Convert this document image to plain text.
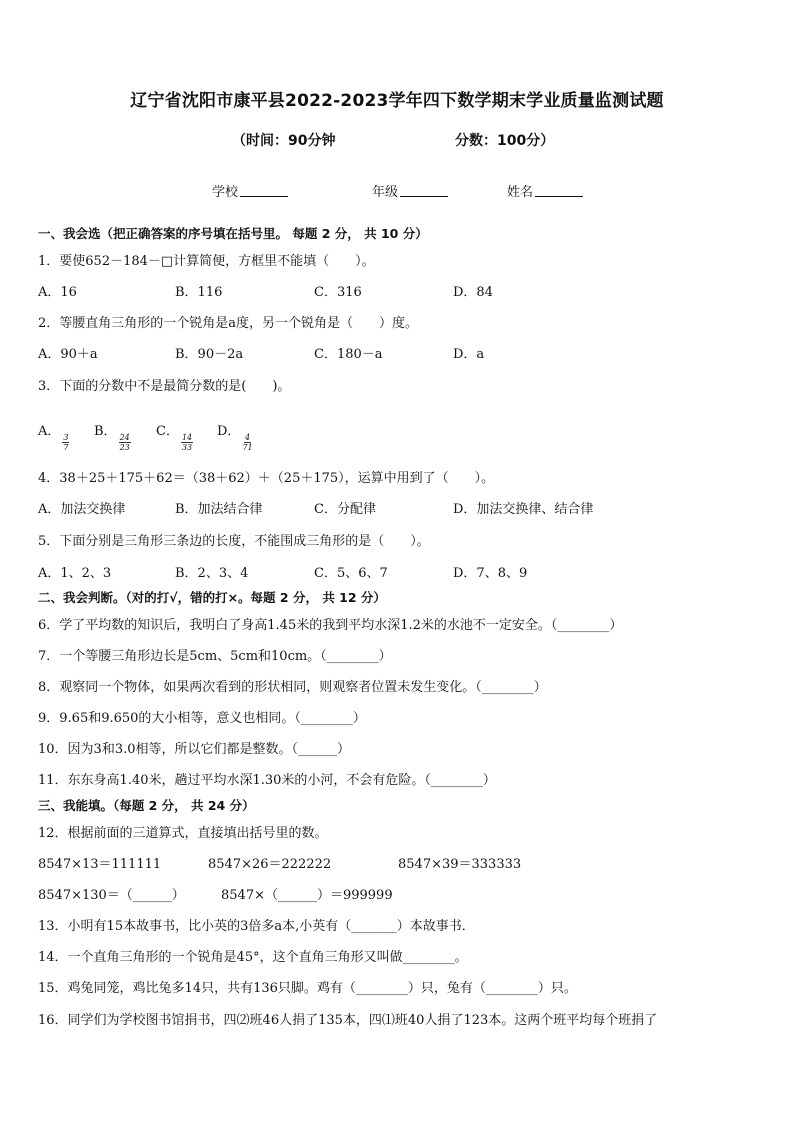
辽宁省沈阳市康平县2022-2023学年四下数学期末学业质量监测试题
（时间：90分钟	分数：100分）
学校	年级	姓名
一、我会选（把正确答案的序号填在括号里。 每题 2 分， 共 10 分）
1．要使652－184－□计算简便，方框里不能填（　　）。
A．16	B．116	C．316	D．84
2．等腰直角三角形的一个锐角是a度，另一个锐角是（　　）度。
A．90＋a	B．90－2a	C．180－a	D．a
3．下面的分数中不是最简分数的是(　　)。
A．
$\frac{3}{7}$
B．
$\frac{24}{23}$
C．
$\frac{14}{33}$
D．
$\frac{4}{71}$
4．38＋25＋175＋62＝（38＋62）＋（25＋175），运算中用到了（　　）。
A．加法交换律	B．加法结合律	C．分配律	D．加法交换律、结合律
5．下面分别是三角形三条边的长度，不能围成三角形的是（　　）。
A．1、2、3	B．2、3、4	C．5、6、7	D．7、8、9
二、我会判断。（对的打√，错的打×。每题 2 分， 共 12 分）
6．学了平均数的知识后，我明白了身高1.45米的我到平均水深1.2米的水池不一定安全。（________）
7．一个等腰三角形边长是5cm、5cm和10cm。（________）
8．观察同一个物体，如果两次看到的形状相同，则观察者位置未发生变化。（________）
9．9.65和9.650的大小相等，意义也相同。（________）
10．因为3和3.0相等，所以它们都是整数。（______）
11．东东身高1.40米，趟过平均水深1.30米的小河，不会有危险。（________）
三、我能填。（每题 2 分， 共 24 分）
12．根据前面的三道算式，直接填出括号里的数。
8547×13＝111111	8547×26＝222222	8547×39＝333333
8547×130＝（______）	8547×（______）＝999999
13．小明有15本故事书，比小英的3倍多a本,小英有（_______）本故事书．
14．一个直角三角形的一个锐角是45°，这个直角三角形又叫做________。
15．鸡兔同笼，鸡比兔多14只，共有136只脚。鸡有（________）只，兔有（________）只。
16．同学们为学校图书馆捐书，四⑵班46人捐了135本，四⑴班40人捐了123本。这两个班平均每个班捐了
